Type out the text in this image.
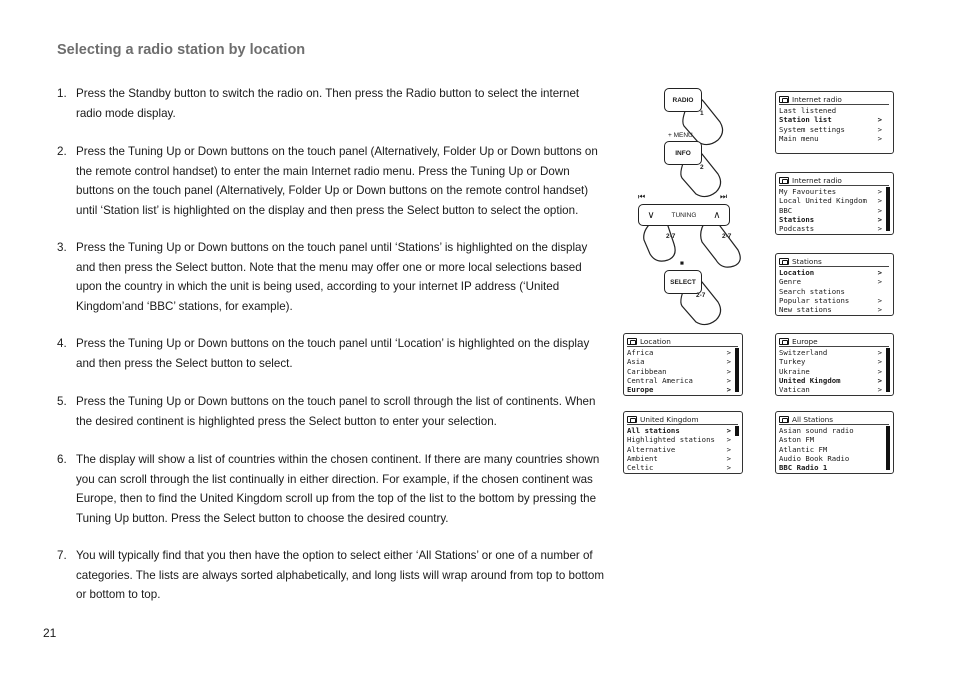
Selecting a radio station by location
1. Press the Standby button to switch the radio on. Then press the Radio button to select the internet radio mode display.
2. Press the Tuning Up or Down buttons on the touch panel (Alternatively, Folder Up or Down buttons on the remote control handset) to enter the main Internet radio menu. Press the Tuning Up or Down buttons on the touch panel (Alternatively, Folder Up or Down buttons on the remote control handset) until ‘Station list’ is highlighted on the display and then press the Select button to select the option.
3. Press the Tuning Up or Down buttons on the touch panel until ‘Stations’ is highlighted on the display and then press the Select button. Note that the menu may offer one or more local selections based upon the country in which the unit is being used, according to your internet IP address (‘United Kingdom’and ‘BBC’ stations, for example).
4. Press the Tuning Up or Down buttons on the touch panel until ‘Location’ is highlighted on the display and then press the Select button to select.
5. Press the Tuning Up or Down buttons on the touch panel to scroll through the list of continents. When the desired continent is highlighted press the Select button to enter your selection.
6. The display will show a list of countries within the chosen continent. If there are many countries shown you can scroll through the list continually in either direction. For example, if the chosen continent was Europe, then to find the United Kingdom scroll up from the top of the list to the bottom by pressing the Tuning Up button. Press the Select button to choose the desired country.
7. You will typically find that you then have the option to select either ‘All Stations’ or one of a number of categories. The lists are always sorted alphabetically, and long lists will wrap around from top to bottom or bottom to top.
21
RADIO
1
+ MENU
INFO
2
⏮	⏭
∨	TUNING ∧
2-7	2-7
■
SELECT
2-7
Internet radio
Last listened
Station list	>
System settings	>
Main menu	>
Internet radio
My Favourites	>
Local United Kingdom	>
BBC	>
Stations	>
Podcasts	>
Stations
Location	>
Genre	>
Search stations
Popular stations	>
New stations	>
Location
Africa	>
Asia	>
Caribbean	>
Central America	>
Europe	>
Europe
Switzerland	>
Turkey	>
Ukraine	>
United Kingdom	>
Vatican	>
United Kingdom
All stations	>
Highlighted stations	>
Alternative	>
Ambient	>
Celtic	>
All Stations
Asian sound radio
Aston FM
Atlantic FM
Audio Book Radio
BBC Radio 1
